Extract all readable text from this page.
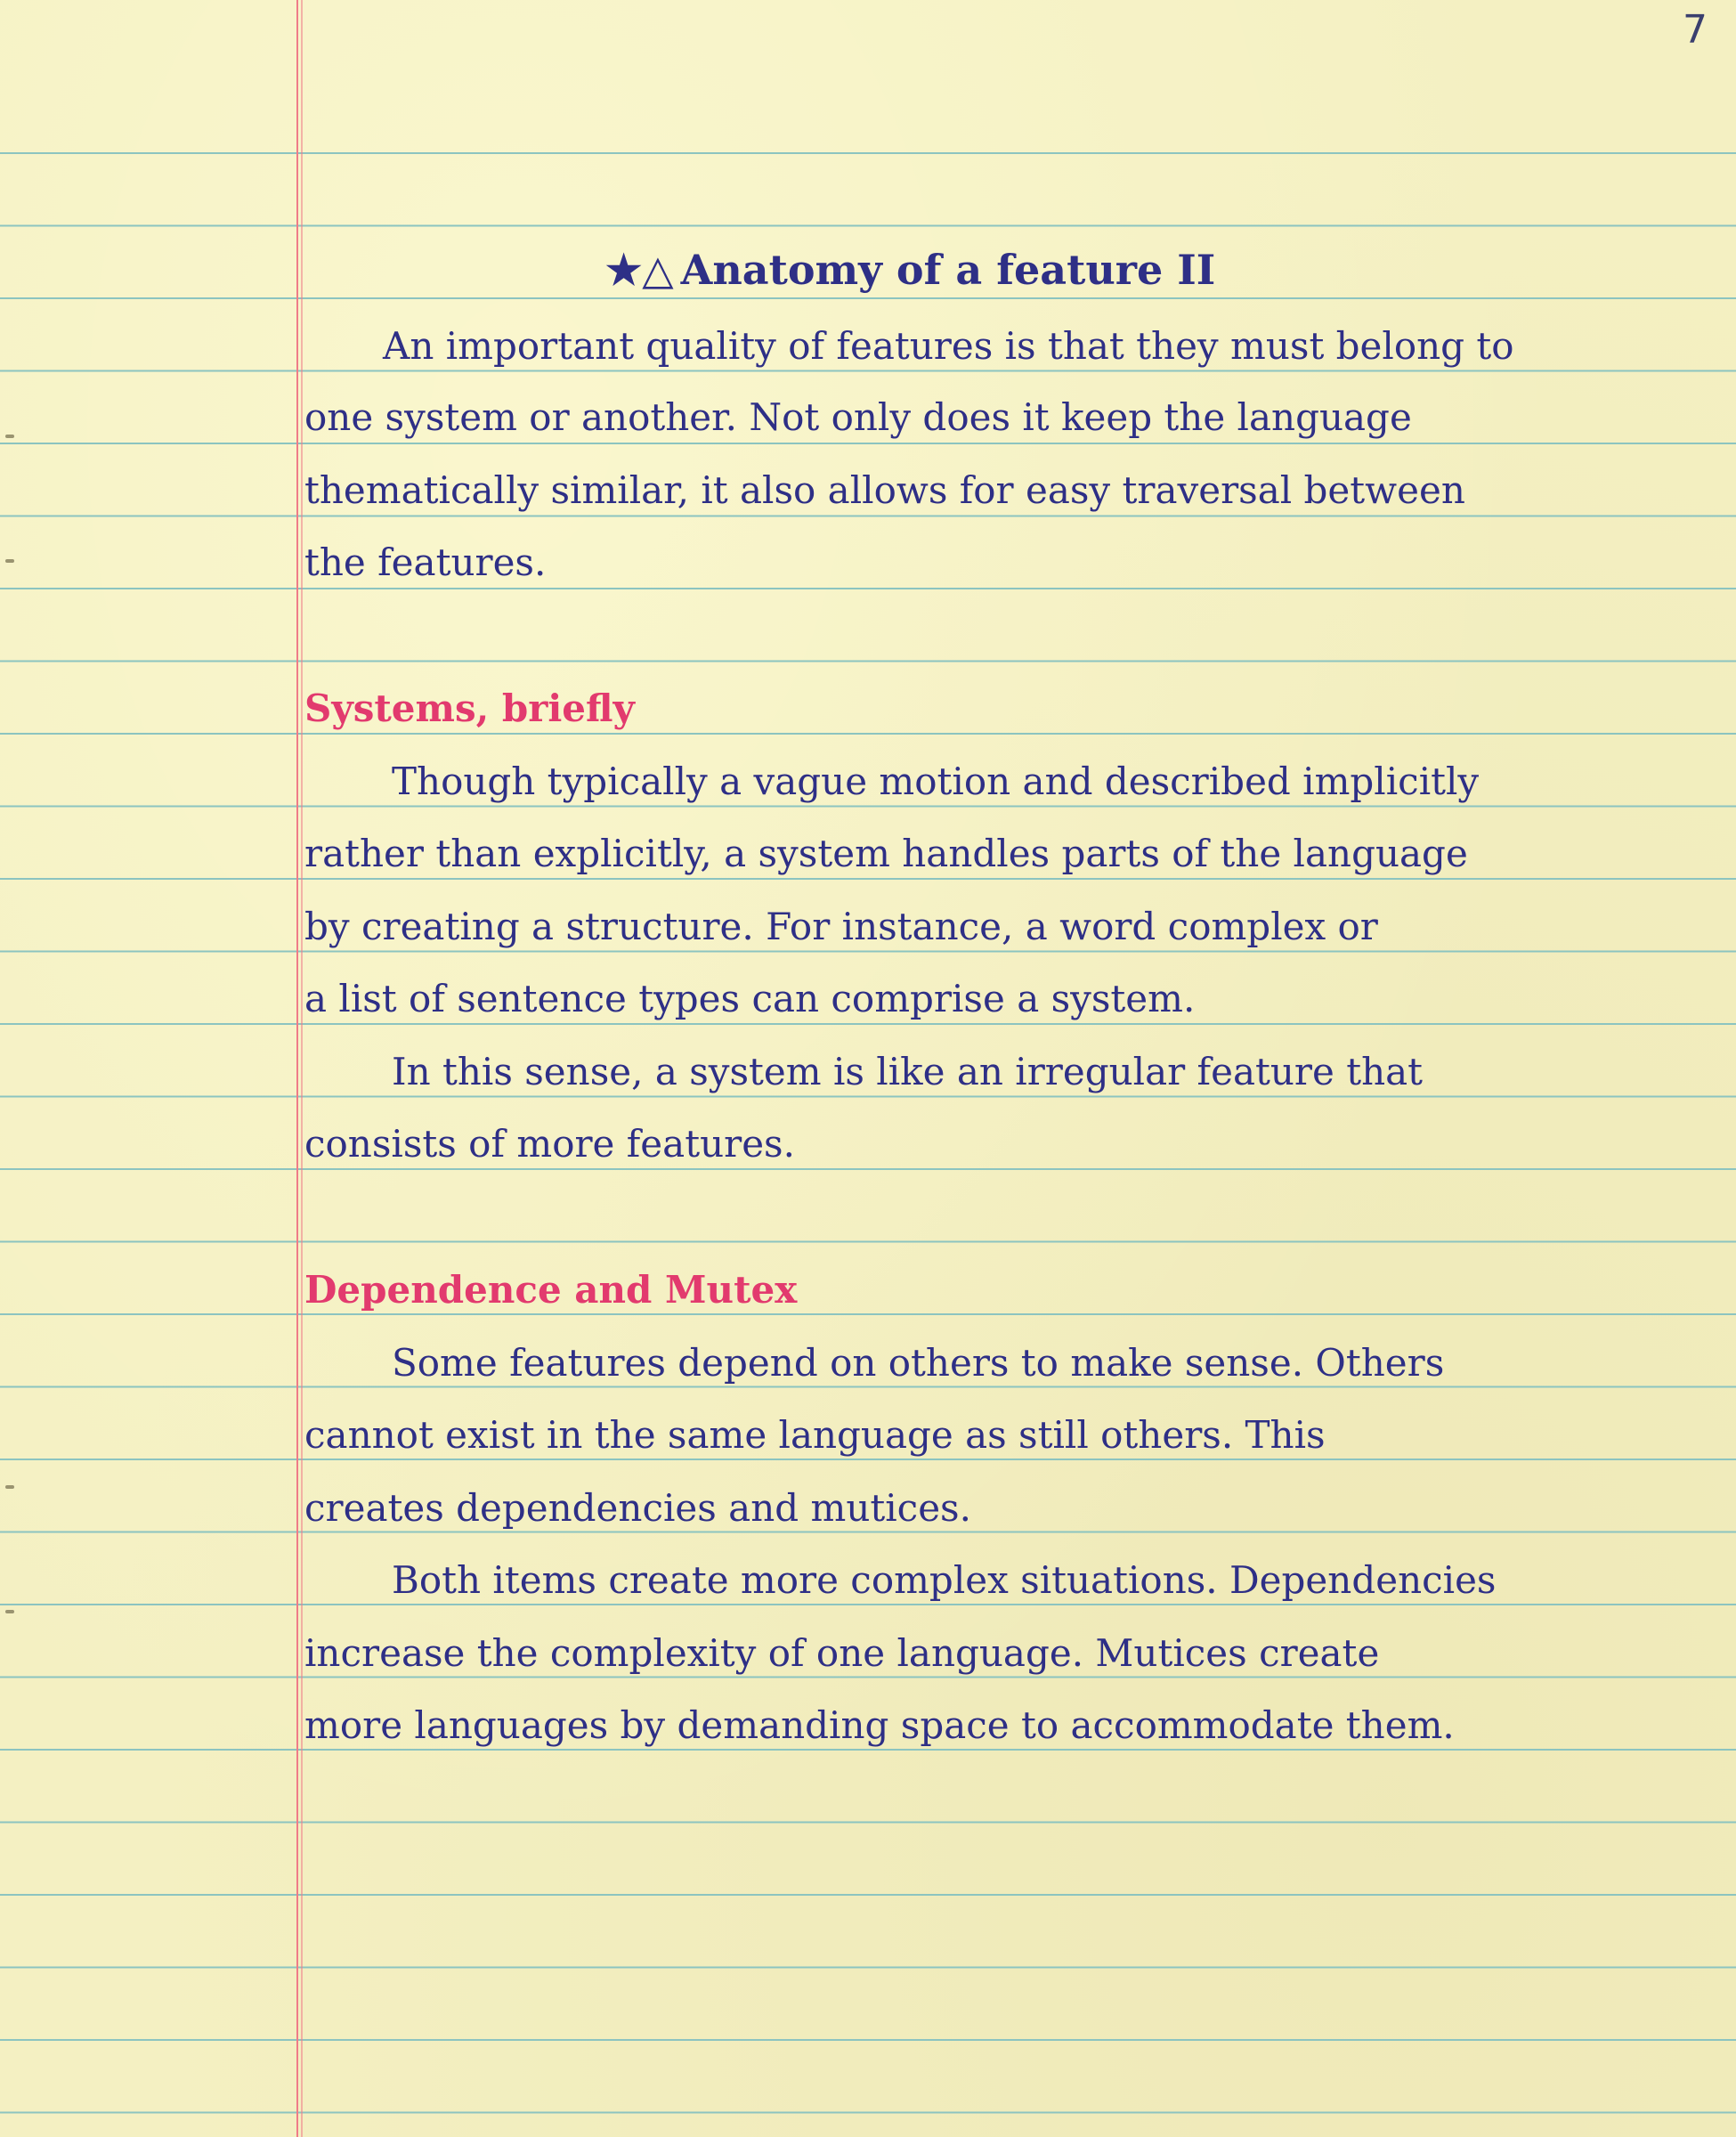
7

★△ Anatomy of a feature II

An important quality of features is that they must belong to

one system or another. Not only does it keep the language

thematically similar, it also allows for easy traversal between

the features.

Systems, briefly

Though typically a vague motion and described implicitly

rather than explicitly, a system handles parts of the language

by creating a structure. For instance, a word complex or

a list of sentence types can comprise a system.

In this sense, a system is like an irregular feature that

consists of more features.

Dependence and Mutex

Some features depend on others to make sense. Others

cannot exist in the same language as still others. This

creates dependencies and mutices.

Both items create more complex situations. Dependencies

increase the complexity of one language. Mutices create

more languages by demanding space to accommodate them.
